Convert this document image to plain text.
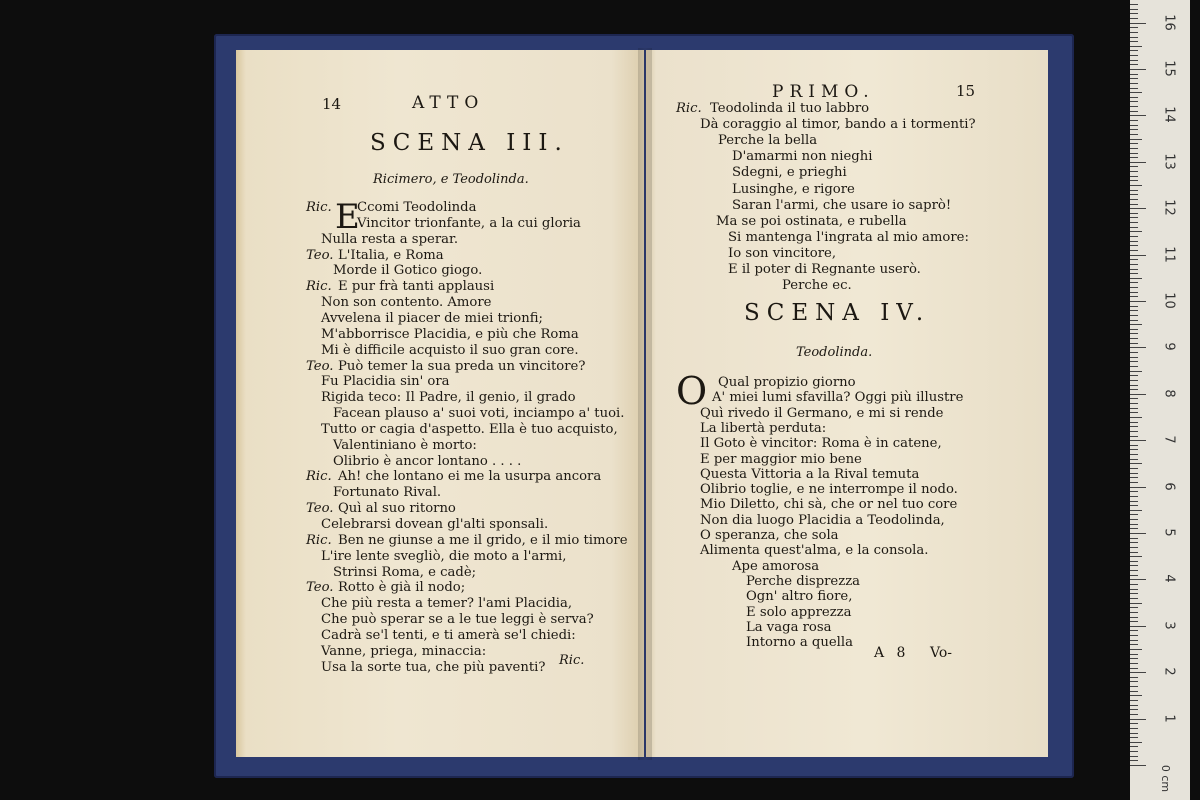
14	ATTO
SCENA III.
Ricimero, e Teodolinda.
E
Ric. Ccomi Teodolinda
Vincitor trionfante, a la cui gloria
Nulla resta a sperar.
Teo. L'Italia, e Roma
Morde il Gotico giogo.
Ric. E pur frà tanti applausi
Non son contento. Amore
Avvelena il piacer de miei trionfi;
M'abborrisce Placidia, e più che Roma
Mi è difficile acquisto il suo gran core.
Teo. Può temer la sua preda un vincitore?
Fu Placidia sin' ora
Rigida teco: Il Padre, il genio, il grado
Facean plauso a' suoi voti, inciampo a' tuoi.
Tutto or cagia d'aspetto. Ella è tuo acquisto,
Valentiniano è morto:
Olibrio è ancor lontano . . . .
Ric. Ah! che lontano ei me la usurpa ancora
Fortunato Rival.
Teo. Quì al suo ritorno
Celebrarsi dovean gl'alti sponsali.
Ric. Ben ne giunse a me il grido, e il mio timore
L'ire lente svegliò, die moto a l'armi,
Strinsi Roma, e cadè;
Teo. Rotto è già il nodo;
Che più resta a temer? l'ami Placidia,
Che può sperar se a le tue leggi è serva?
Cadrà se'l tenti, e ti amerà se'l chiedi:
Vanne, priega, minaccia:
Usa la sorte tua, che più paventi? Ric.
PRIMO.	15
Ric. Teodolinda il tuo labbro
Dà coraggio al timor, bando a i tormenti?
Perche la bella
D'amarmi non nieghi
Sdegni, e prieghi
Lusinghe, e rigore
Saran l'armi, che usare io saprò!
Ma se poi ostinata, e rubella
Si mantenga l'ingrata al mio amore:
Io son vincitore,
E il poter di Regnante userò.
Perche ec.
SCENA IV.
Teodolinda.
O Qual propizio giorno
A' miei lumi sfavilla? Oggi più illustre
Quì rivedo il Germano, e mi si rende
La libertà perduta:
Il Goto è vincitor: Roma è in catene,
E per maggior mio bene
Questa Vittoria a la Rival temuta
Olibrio toglie, e ne interrompe il nodo.
Mio Diletto, chi sà, che or nel tuo core
Non dia luogo Placidia a Teodolinda,
O speranza, che sola
Alimenta quest'alma, e la consola.
Ape amorosa
Perche disprezza
Ogn' altro fiore,
E solo apprezza
La vaga rosa
Intorno a quella
A 8 Vo-
16
15
14
13
12
11
10
9
8
7
6
5
4
3
2
1
0 cm
